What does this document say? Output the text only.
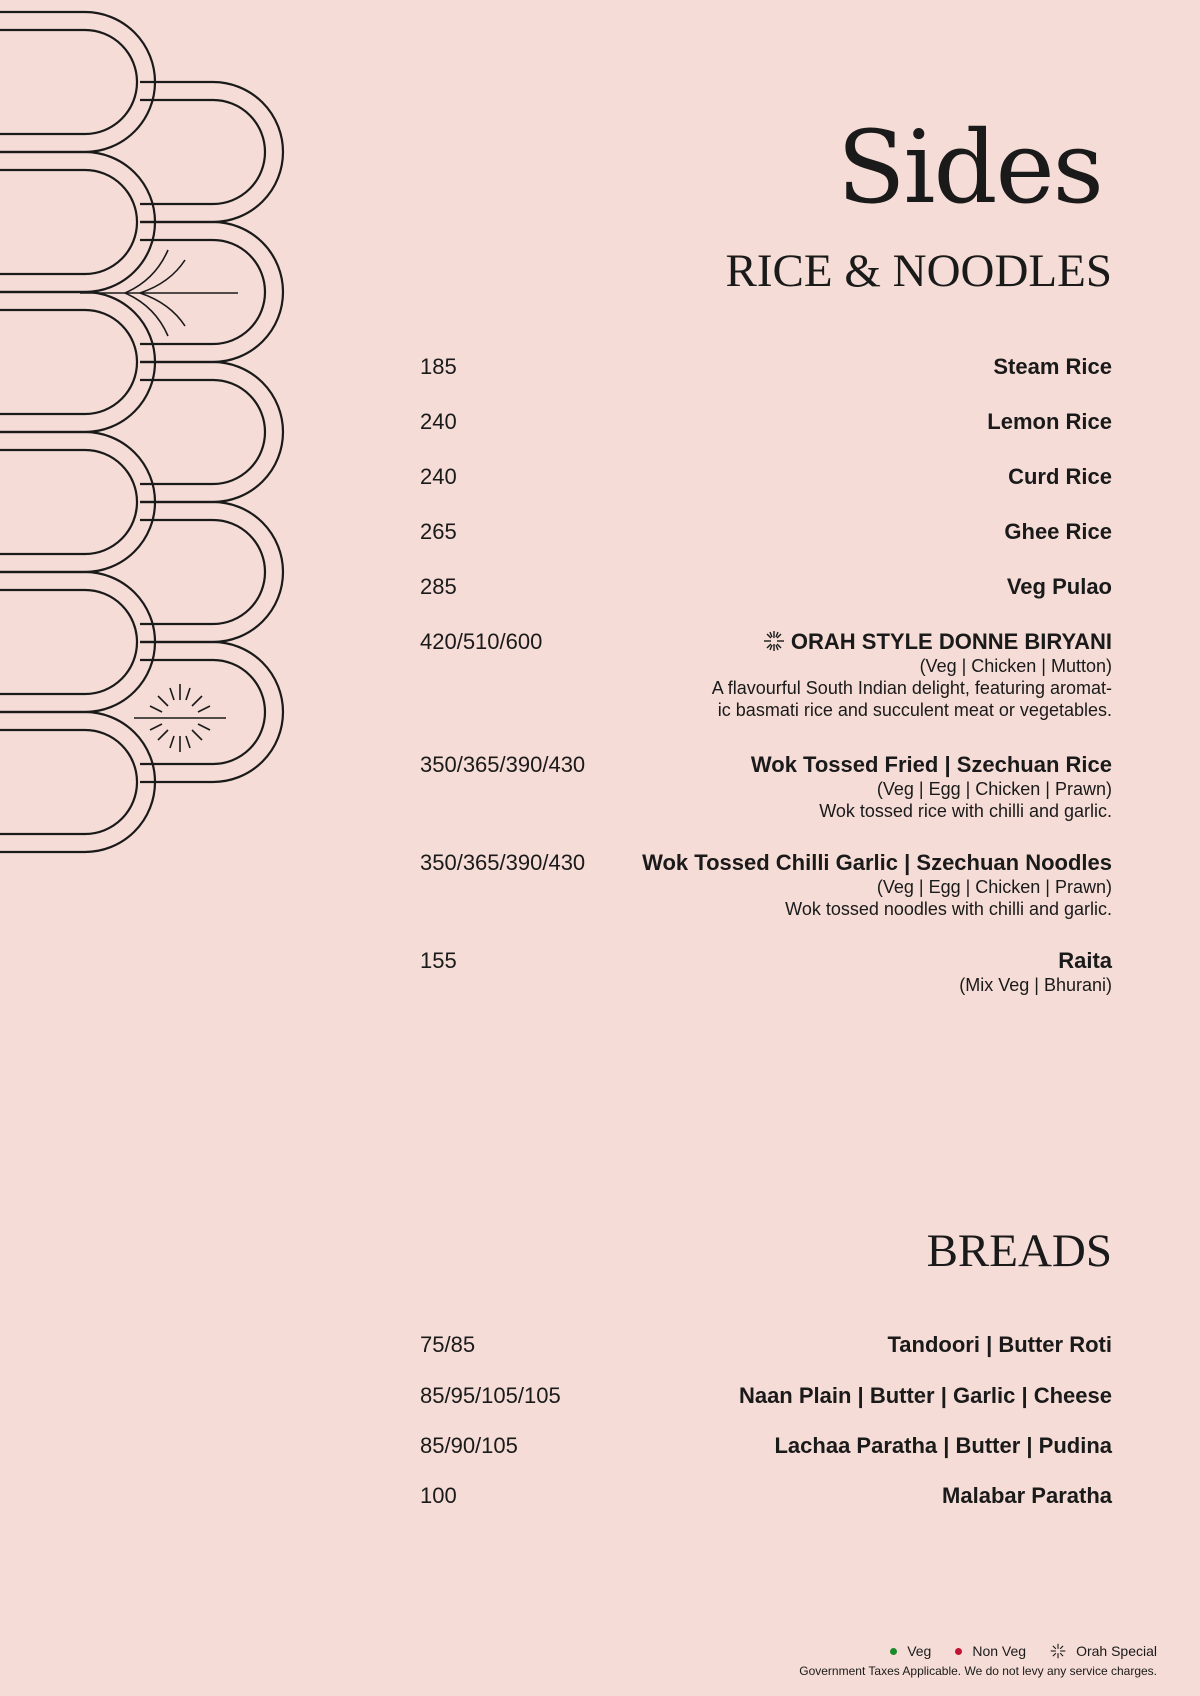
Sides
RICE & NOODLES
185	Steam Rice
240	Lemon Rice
240	Curd Rice
265	Ghee Rice
285	Veg Pulao
420/510/600	ORAH STYLE DONNE BIRYANI
(Veg | Chicken | Mutton)
A flavourful South Indian delight, featuring aromat-
ic basmati rice and succulent meat or vegetables.
350/365/390/430	Wok Tossed Fried | Szechuan Rice
(Veg | Egg | Chicken | Prawn)
Wok tossed rice with chilli and garlic.
350/365/390/430	Wok Tossed Chilli Garlic | Szechuan Noodles
(Veg | Egg | Chicken | Prawn)
Wok tossed noodles with chilli and garlic.
155	Raita
(Mix Veg | Bhurani)
BREADS
75/85	Tandoori | Butter Roti
85/95/105/105	Naan Plain | Butter | Garlic | Cheese
85/90/105	Lachaa Paratha | Butter | Pudina
100	Malabar Paratha
Veg	Non Veg	Orah Special
Government Taxes Applicable. We do not levy any service charges.
